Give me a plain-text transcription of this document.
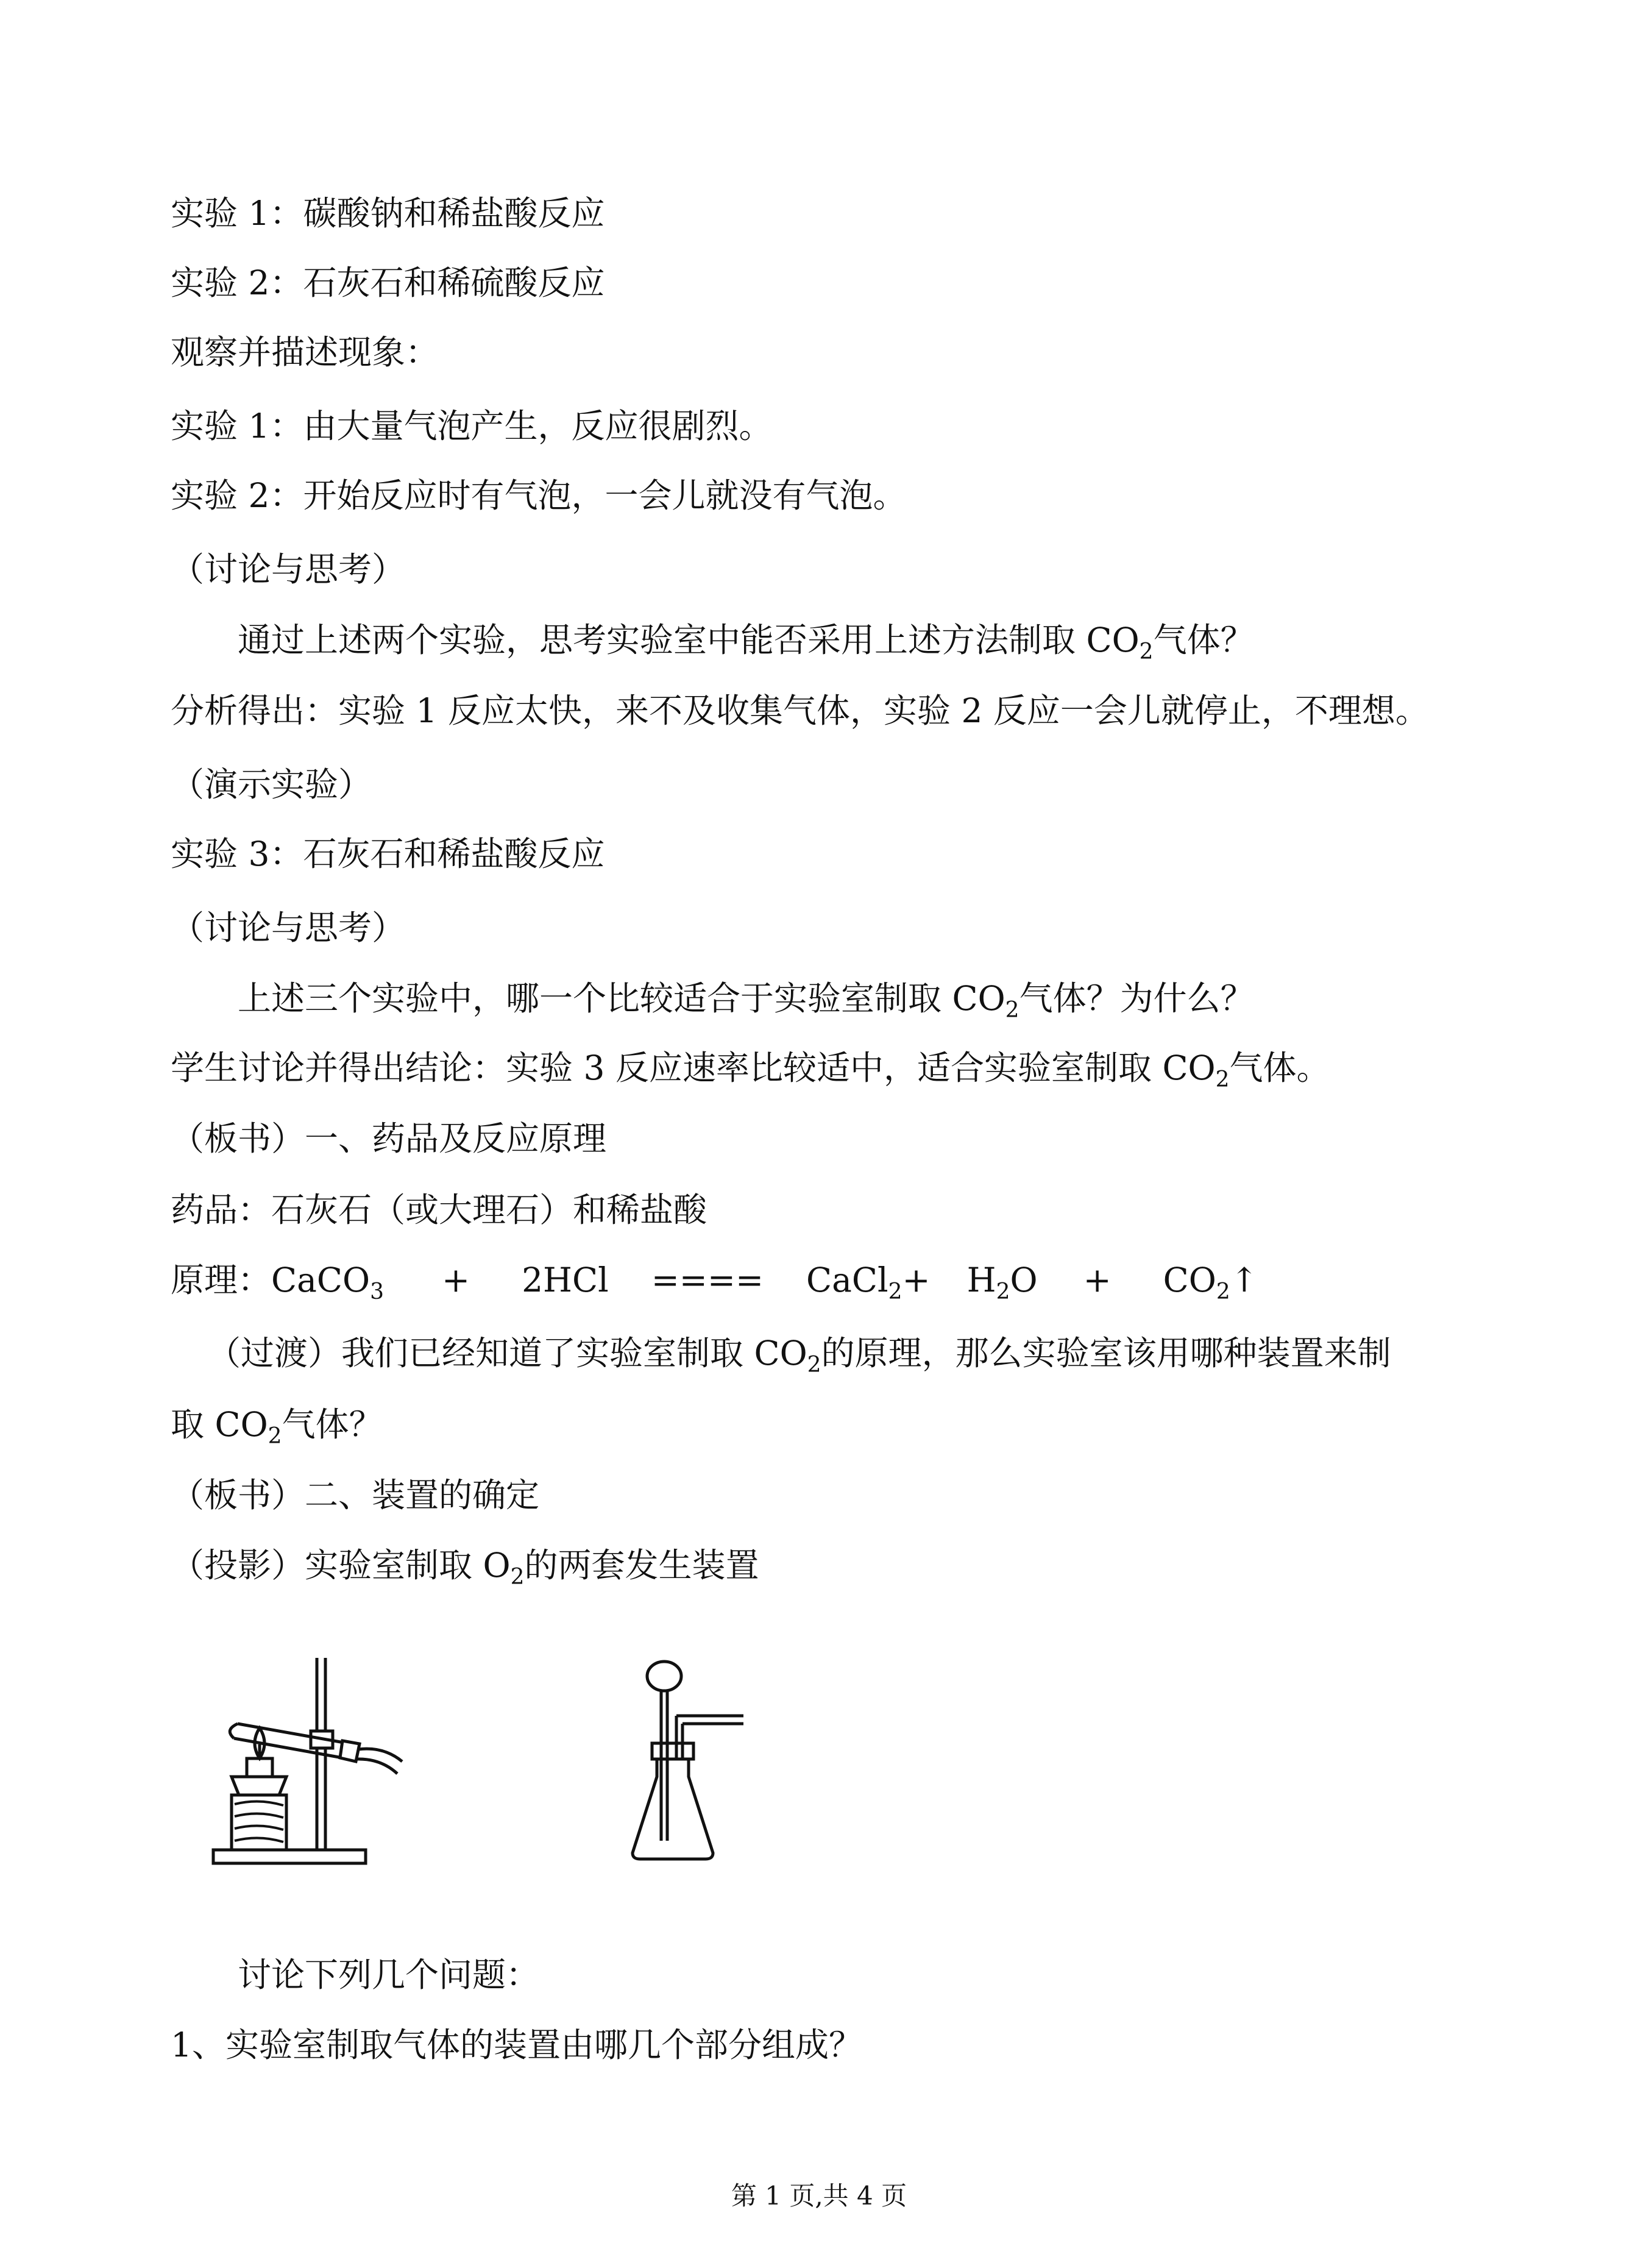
实验 1：碳酸钠和稀盐酸反应
实验 2：石灰石和稀硫酸反应
观察并描述现象：
实验 1：由大量气泡产生，反应很剧烈。
实验 2：开始反应时有气泡，一会儿就没有气泡。
（讨论与思考）
通过上述两个实验，思考实验室中能否采用上述方法制取 $CO_2$气体？
分析得出：实验 1 反应太快，来不及收集气体，实验 2 反应一会儿就停止，不理想。
（演示实验）
实验 3：石灰石和稀盐酸反应
（讨论与思考）
上述三个实验中，哪一个比较适合于实验室制取 $CO_2$气体？为什么？
学生讨论并得出结论：实验 3 反应速率比较适中，适合实验室制取 $CO_2$气体。
（板书）一、药品及反应原理
药品：石灰石（或大理石）和稀盐酸
原理：CaCO$_3$ + 2HCl ==== CaCl$_2$+ $H_2O$ + $CO_2↑$
（过渡）我们已经知道了实验室制取 $CO_2$的原理，那么实验室该用哪种装置来制
取 $CO_2$气体？
（板书）二、装置的确定
（投影）实验室制取 $O_2$的两套发生装置
讨论下列几个问题：
1、实验室制取气体的装置由哪几个部分组成？
第 1 页,共 4 页
